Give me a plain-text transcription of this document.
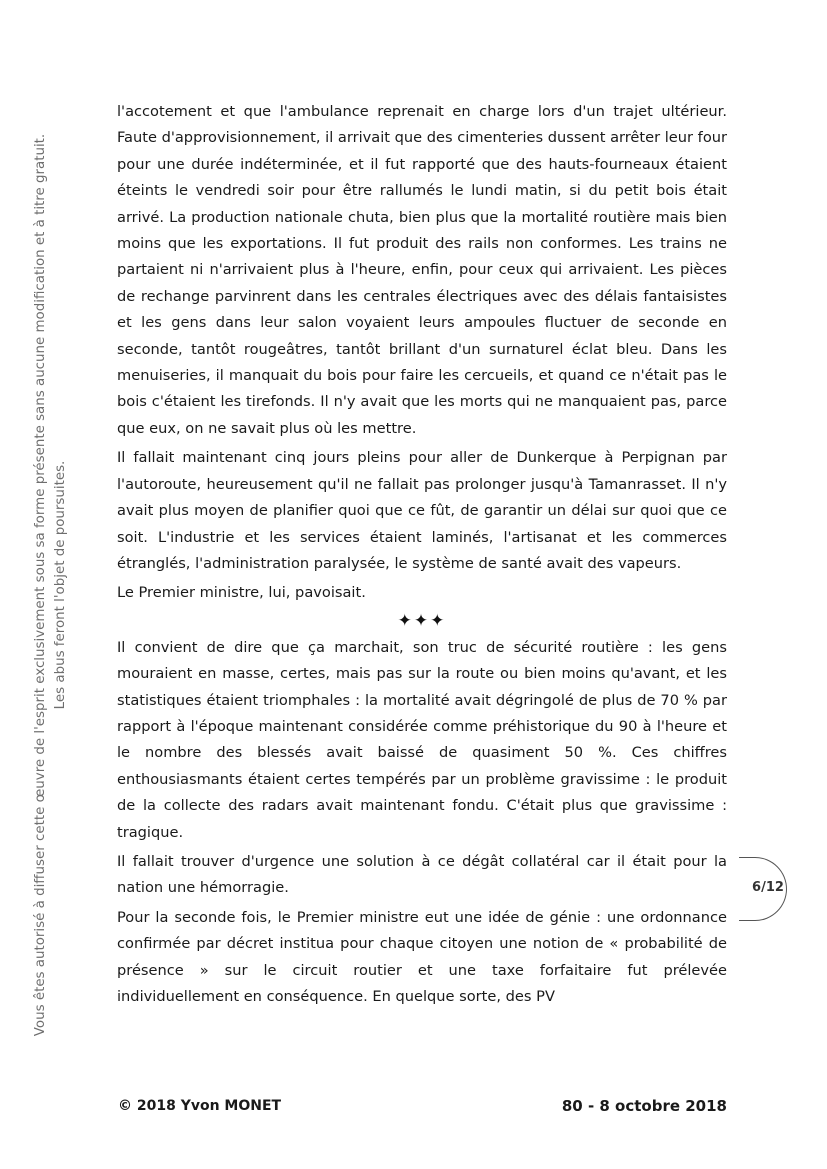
Vous êtes autorisé à diffuser cette œuvre de l'esprit exclusivement sous sa forme présente sans aucune modification et à titre gratuit. Les abus feront l'objet de poursuites.

l'accotement et que l'ambulance reprenait en charge lors d'un trajet ultérieur. Faute d'approvisionnement, il arrivait que des cimenteries dussent arrêter leur four pour une durée indéterminée, et il fut rapporté que des hauts-fourneaux étaient éteints le vendredi soir pour être rallumés le lundi matin, si du petit bois était arrivé. La production nationale chuta, bien plus que la mortalité routière mais bien moins que les exportations. Il fut produit des rails non conformes. Les trains ne partaient ni n'arrivaient plus à l'heure, enfin, pour ceux qui arrivaient. Les pièces de rechange parvinrent dans les centrales électriques avec des délais fantaisistes et les gens dans leur salon voyaient leurs ampoules fluctuer de seconde en seconde, tantôt rougeâtres, tantôt brillant d'un surnaturel éclat bleu. Dans les menuiseries, il manquait du bois pour faire les cercueils, et quand ce n'était pas le bois c'étaient les tirefonds. Il n'y avait que les morts qui ne manquaient pas, parce que eux, on ne savait plus où les mettre.

Il fallait maintenant cinq jours pleins pour aller de Dunkerque à Perpignan par l'autoroute, heureusement qu'il ne fallait pas prolonger jusqu'à Tamanrasset. Il n'y avait plus moyen de planifier quoi que ce fût, de garantir un délai sur quoi que ce soit. L'industrie et les services étaient laminés, l'artisanat et les commerces étranglés, l'administration paralysée, le système de santé avait des vapeurs.

Le Premier ministre, lui, pavoisait.

✦✦✦

Il convient de dire que ça marchait, son truc de sécurité routière : les gens mouraient en masse, certes, mais pas sur la route ou bien moins qu'avant, et les statistiques étaient triomphales : la mortalité avait dégringolé de plus de 70 % par rapport à l'époque maintenant considérée comme préhistorique du 90 à l'heure et le nombre des blessés avait baissé de quasiment 50 %. Ces chiffres enthousiasmants étaient certes tempérés par un problème gravissime : le produit de la collecte des radars avait maintenant fondu. C'était plus que gravissime : tragique.

Il fallait trouver d'urgence une solution à ce dégât collatéral car il était pour la nation une hémorragie.

Pour la seconde fois, le Premier ministre eut une idée de génie : une ordonnance confirmée par décret institua pour chaque citoyen une notion de « probabilité de présence » sur le circuit routier et une taxe forfaitaire fut prélevée individuellement en conséquence. En quelque sorte, des PV

6/12
© 2018 Yvon MONET	80 - 8 octobre 2018
